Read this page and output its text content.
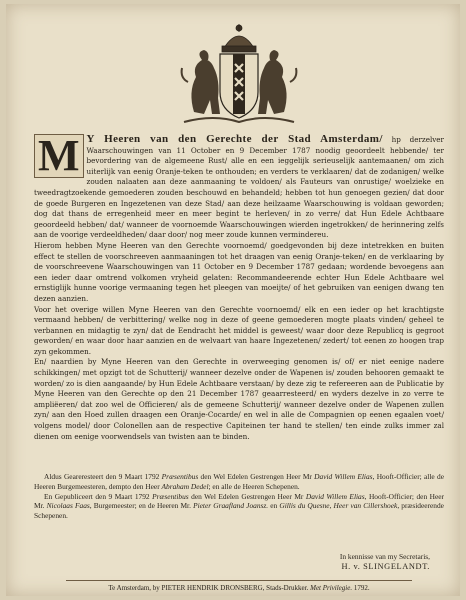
M Y Heeren van den Gerechte der Stad Amsterdam/ hp derzelver Waarschouwingen van 11 October en 9 December 1787 noodig geoordeelt hebbende/ ter bevordering van de algemeene Rust/ alle en een ieggelijk serieuselijk aantemaanen/ om zich uiterlijk van eenig Oranje-teken te onthouden; en verders te verklaaren/ dat de zodanigen/ welke zouden nalaaten aan deze aanmaaning te voldoen/ als Fauteurs van onrustige/ woelzieke en tweedragtzoekende gemoederen zouden beschouwd en behandeld; hebben tot hun genoegen gezien/ dat door de goede Burgeren en Ingezetenen van deze Stad/ aan deze heilzaame Waarschouwing is voldaan geworden; dog dat thans de erregenheid meer en meer begint te herleven/ in zo verre/ dat Hun Edele Achtbaare geoordeeld hebben/ dat/ wanneer de voornoemde Waarschouwingen wierden ingetrokken/ de herinnering zelfs aan de voorige verdeeldheden/ daar door/ nog meer zoude kunnen vermindereu.

Hierom hebben Myne Heeren van den Gerechte voornoemd/ goedgevonden bij deze intetrekken en buiten effect te stellen de voorschreeven aanmaaningen tot het draagen van eenig Oranje-teken/ en de verklaaring by de voorschreevene Waarschouwingen van 11 October en 9 December 1787 gedaan; wordende bevoegens aan een ieder daar omtrend volkomen vryheid gelaten: Recommandeerende echter Hun Edele Achtbaare wel ernstiglijk hunne voorige vermaaning tegen het pleegen van moeijte/ of het gebruiken van eenigen dwang ten dezen aanzien.

Voor het overige willen Myne Heeren van den Gerechte voornoemd/ elk en een ieder op het krachtigste vermaand hebben/ de verbittering/ welke nog in deze of geene gemoederen mogte plaats vinden/ geheel te verbannen en midagtig te zyn/ dat de Eendracht het middel is geweest/ waar door deze Republicq is gegroot geworden/ en waar door haar aanzien en de welvaart van haare Ingezetenen/ zedert/ tot eenen zo hoogen trap zyn gekommen.

En/ naardien by Myne Heeren van den Gerechte in overweeging genomen is/ of/ er niet eenige nadere schikkingen/ met opzigt tot de Schutterij/ wanneer dezelve onder de Wapenen is/ zouden behooren gemaakt te worden/ zo is dien aangaande/ by Hun Edele Achtbaare verstaan/ by deze zig te refereeren aan de Publicatie by Myne Heeren van den Gerechte op den 21 December 1787 geaarresteerd/ en wyders dezelve in zo verre te ampliëeren/ dat zoo wel de Officieren/ als de gemeene Schutterij/ wanneer dezelve onder de Wapenen zullen zyn/ aan den Hoed zullen draagen een Oranje-Cocarde/ en wel in alle de Compagnien op eenen egaalen voet/ volgens model/ door Colonellen aan de respective Capiteinen ter hand te stellen/ ten einde zulks immer zal dienen om eenige voorwendsels van twisten aan te binden.

Aldus Geareresteert den 9 Maart 1792 Præsentibus den Wel Edelen Gestrengen Heer Mr David Willem Elias, Hooft-Officier; alle de Heeren Burgemeesteren, dempto den Heer Abraham Dedel; en alle de Heeren Schepenen.

En Gepubliceert den 9 Maart 1792 Præsentibus den Wel Edelen Gestrengen Heer Mr David Willem Elias, Hooft-Officier; den Heer Mr. Nicolaas Faas, Burgemeester; en de Heeren Mr. Pieter Graafland Joansz. en Gillis du Quesne, Heer van Cillershoek, præsideerende Schepenen.

In kennisse van my Secretaris,
H. v. SLINGELANDT.
Te Amsterdam, by PIETER HENDRIK DRONSBERG, Stads-Drukker. Met Privilegie. 1792.
